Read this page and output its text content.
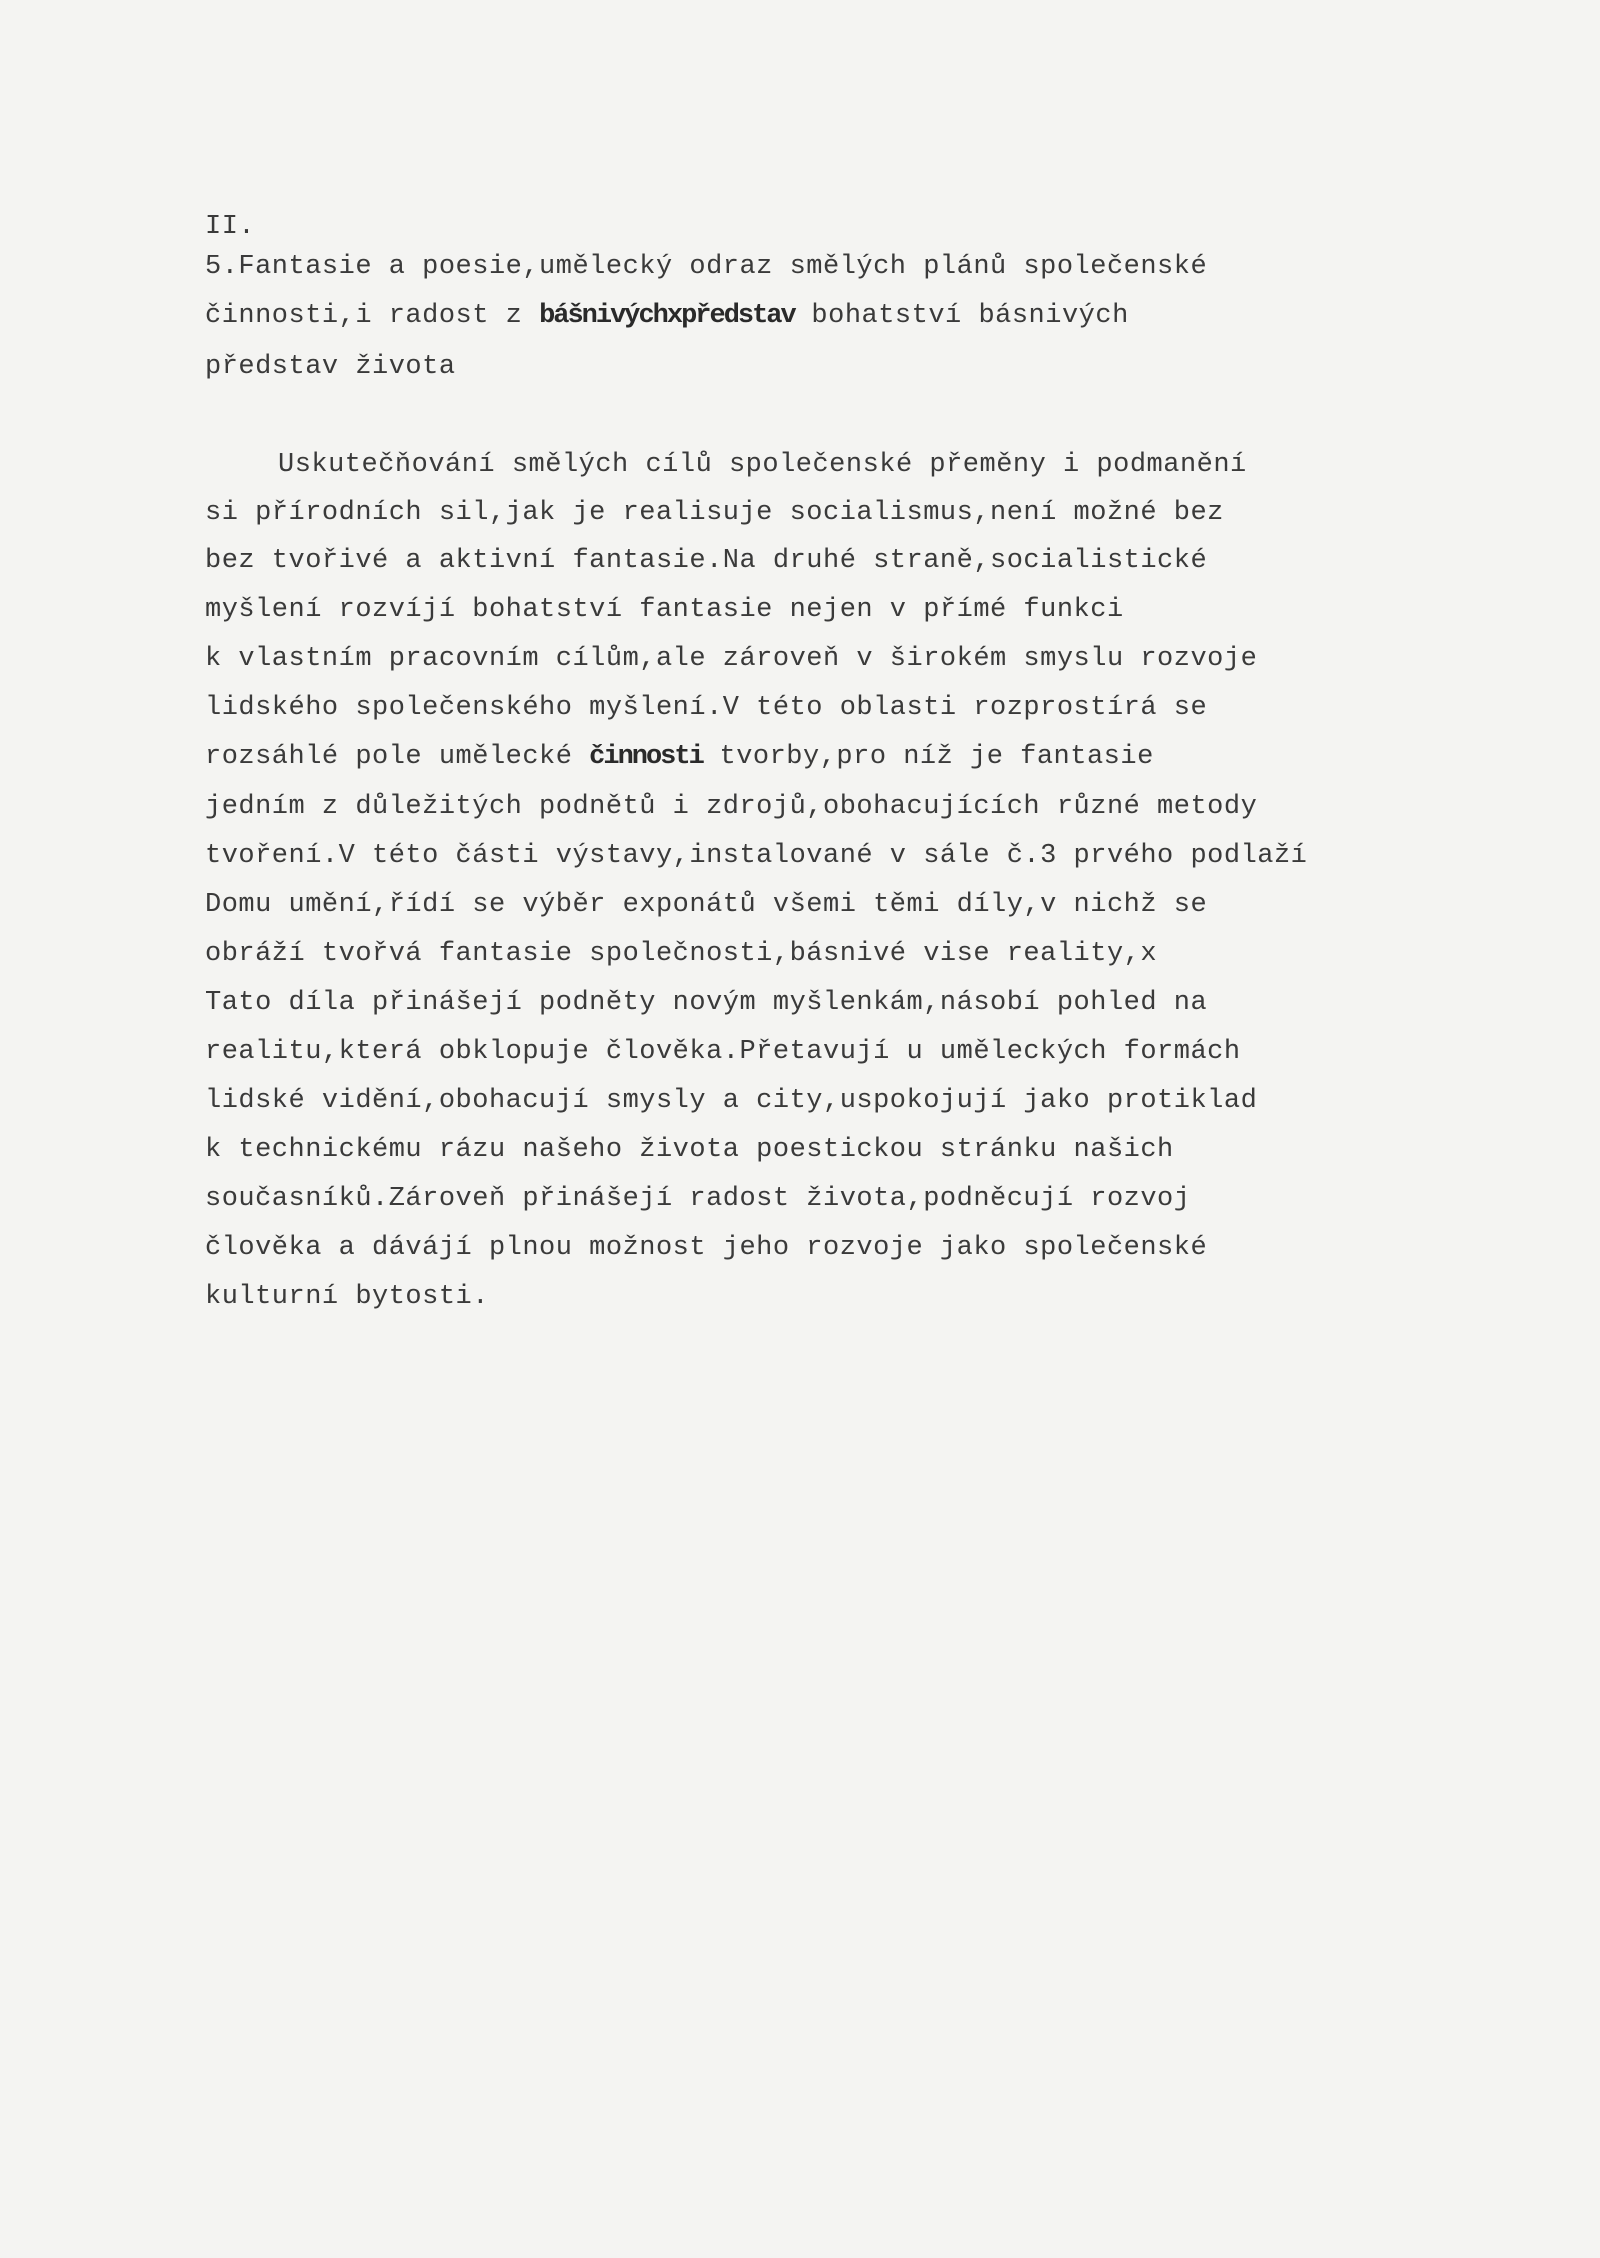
II.
5.Fantasie a poesie,umělecký odraz smělých plánů společenské
činnosti,i radost z bášnivýchxpředstav bohatství básnivých
představ života
Uskutečňování smělých cílů společenské přeměny i podmanění
si přírodních sil,jak je realisuje socialismus,není možné bez
bez tvořivé a aktivní fantasie.Na druhé straně,socialistické
myšlení rozvíjí bohatství fantasie nejen v přímé funkci
k vlastním pracovním cílům,ale zároveň v širokém smyslu rozvoje
lidského společenského myšlení.V této oblasti rozprostírá se
rozsáhlé pole umělecké činnosti tvorby,pro níž je fantasie
jedním z důležitých podnětů i zdrojů,obohacujících různé metody
tvoření.V této části výstavy,instalované v sále č.3 prvého podlaží
Domu umění,řídí se výběr exponátů všemi těmi díly,v nichž se
obráží tvořvá fantasie společnosti,básnivé vise reality,x
Tato díla přinášejí podněty novým myšlenkám,násobí pohled na
realitu,která obklopuje člověka.Přetavují u uměleckých formách
lidské vidění,obohacují smysly a city,uspokojují jako protiklad
k technickému rázu našeho života poestickou stránku našich
současníků.Zároveň přinášejí radost života,podněcují rozvoj
člověka a dávájí plnou možnost jeho rozvoje jako společenské
kulturní bytosti.
